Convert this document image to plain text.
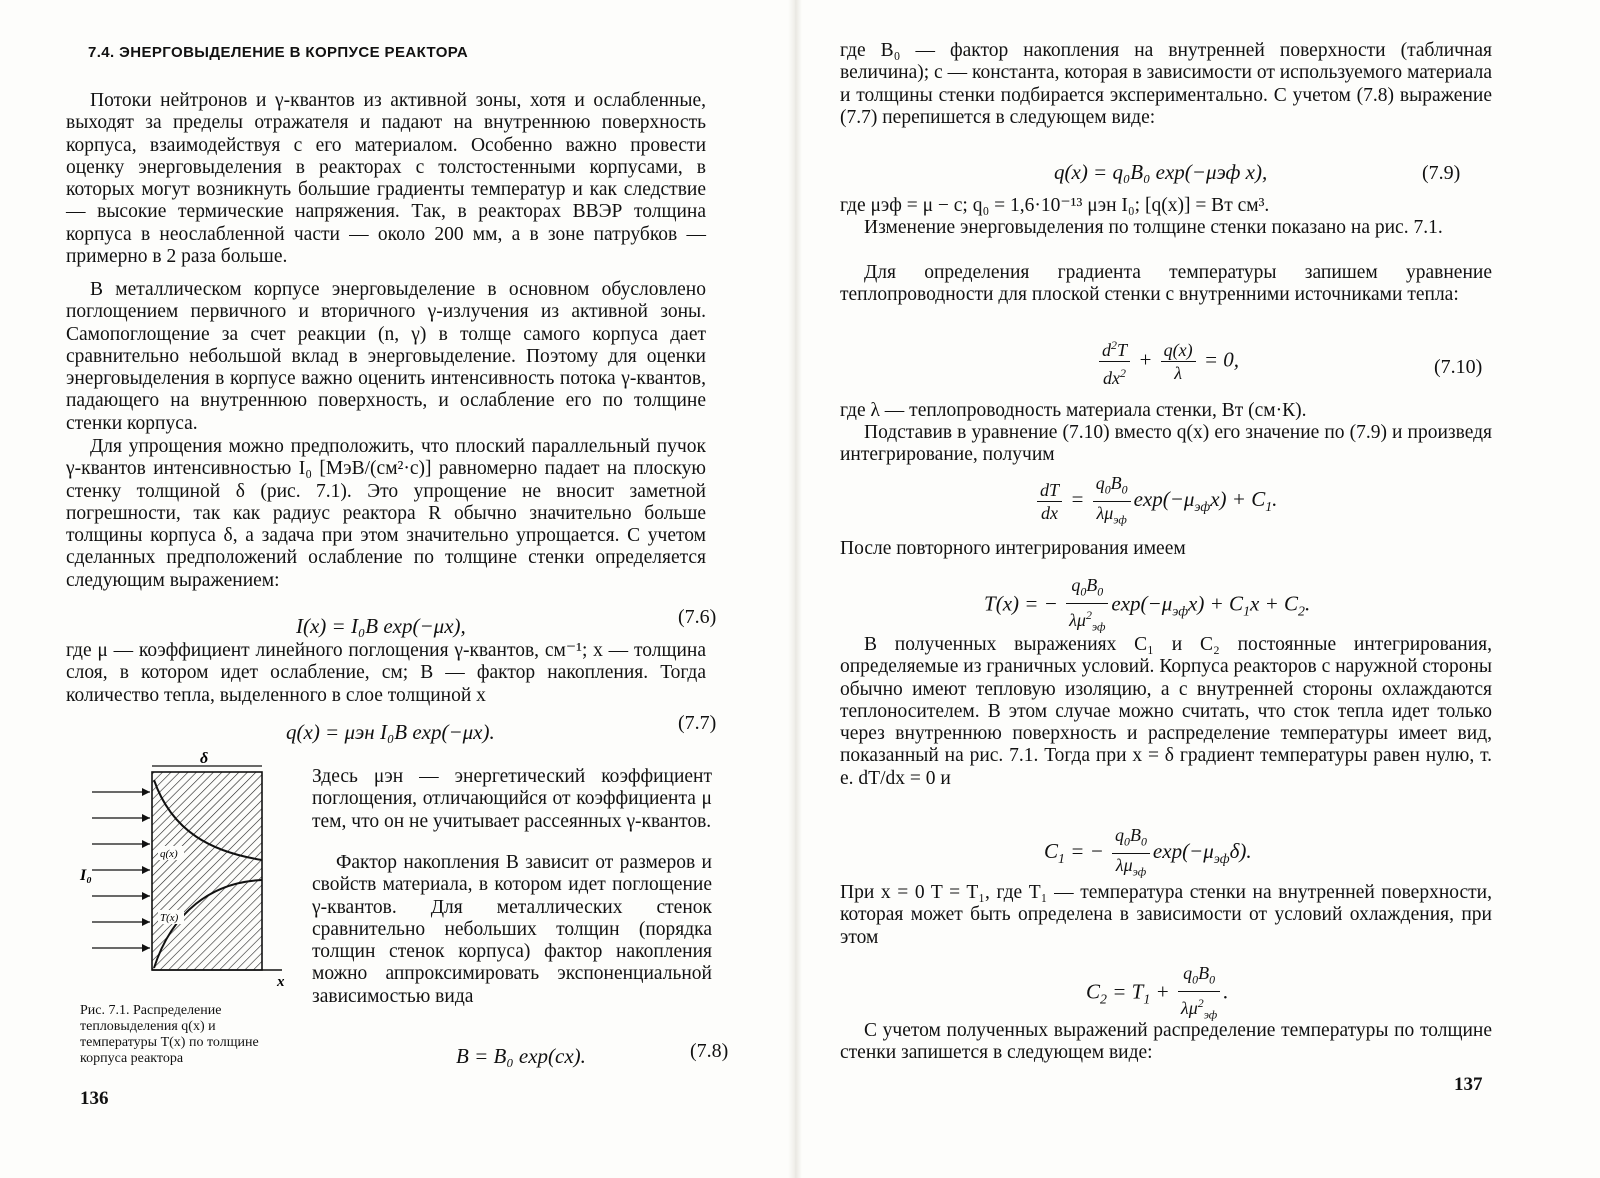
7.4. ЭНЕРГОВЫДЕЛЕНИЕ В КОРПУСЕ РЕАКТОРА

Потоки нейтронов и γ-квантов из активной зоны, хотя и ослабленные, выходят за пределы отражателя и падают на внутреннюю поверхность корпуса, взаимодействуя с его материалом. Особенно важно провести оценку энерговыделения в реакторах с толстостенными корпусами, в которых могут возникнуть большие градиенты температур и как следствие — высокие термические напряжения. Так, в реакторах ВВЭР толщина корпуса в неослабленной части — около 200 мм, а в зоне патрубков — примерно в 2 раза больше.

В металлическом корпусе энерговыделение в основном обусловлено поглощением первичного и вторичного γ-излучения из активной зоны. Самопоглощение за счет реакции (n, γ) в толще самого корпуса дает сравнительно небольшой вклад в энерговыделение. Поэтому для оценки энерговыделения в корпусе важно оценить интенсивность потока γ-квантов, падающего на внутреннюю поверхность, и ослабление его по толщине стенки корпуса.

Для упрощения можно предположить, что плоский параллельный пучок γ-квантов интенсивностью I₀ [МэВ/(см²·с)] равномерно падает на плоскую стенку толщиной δ (рис. 7.1). Это упрощение не вносит заметной погрешности, так как радиус реактора R обычно значительно больше толщины корпуса δ, а задача при этом значительно упрощается. С учетом сделанных предположений ослабление по толщине стенки определяется следующим выражением:

I(x) = I₀B exp(−μx),	(7.6)

где μ — коэффициент линейного поглощения γ-квантов, см⁻¹; x — толщина слоя, в котором идет ослабление, см; B — фактор накопления. Тогда количество тепла, выделенного в слое толщиной x

q(x) = μэн I₀B exp(−μx).	(7.7)

δ
I₀
q(x)
T(x)
x

Рис. 7.1. Распределение тепловыделения q(x) и температуры T(x) по толщине корпуса реактора

Здесь μэн — энергетический коэффициент поглощения, отличающийся от коэффициента μ тем, что он не учитывает рассеянных γ-квантов.

Фактор накопления B зависит от размеров и свойств материала, в котором идет поглощение γ-квантов. Для металлических стенок сравнительно небольших толщин (порядка толщин стенок корпуса) фактор накопления можно аппроксимировать экспоненциальной зависимостью вида

B = B₀ exp(cx).	(7.8)

136

где B₀ — фактор накопления на внутренней поверхности (табличная величина); c — константа, которая в зависимости от используемого материала и толщины стенки подбирается экспериментально. С учетом (7.8) выражение (7.7) перепишется в следующем виде:

q(x) = q₀B₀ exp(−μэф x),	(7.9)

где μэф = μ − c; q₀ = 1,6·10⁻¹³ μэн I₀; [q(x)] = Вт см³.

Изменение энерговыделения по толщине стенки показано на рис. 7.1.

Для определения градиента температуры запишем уравнение теплопроводности для плоской стенки с внутренними источниками тепла:

$\frac{d^2T}{dx^2} + \frac{q(x)}{\lambda} = 0$,	(7.10)

где λ — теплопроводность материала стенки, Вт (см·К).

Подставив в уравнение (7.10) вместо q(x) его значение по (7.9) и произведя интегрирование, получим

$\frac{dT}{dx} = \frac{q_0B_0}{\lambda\mu_{эф}} \exp(-\mu_{эф}x) + C_1$.

После повторного интегрирования имеем

T(x) = − $\frac{q_0B_0}{\lambda\mu^2_{эф}} \exp(-\mu_{эф}x) + C_1x + C_2$.

В полученных выражениях C₁ и C₂ постоянные интегрирования, определяемые из граничных условий. Корпуса реакторов с наружной стороны обычно имеют тепловую изоляцию, а с внутренней стороны охлаждаются теплоносителем. В этом случае можно считать, что сток тепла идет только через внутреннюю поверхность и распределение температуры имеет вид, показанный на рис. 7.1. Тогда при x = δ градиент температуры равен нулю, т. е. dT/dx = 0 и

$C_1$ = − $\frac{q_0B_0}{\lambda\mu_{эф}} \exp(-\mu_{эф}\delta)$.

При x = 0 T = T₁, где T₁ — температура стенки на внутренней поверхности, которая может быть определена в зависимости от условий охлаждения, при этом

$C_2 = T_1 + \frac{q_0B_0}{\lambda\mu^2_{эф}}$ .

С учетом полученных выражений распределение температуры по толщине стенки запишется в следующем виде:

137
